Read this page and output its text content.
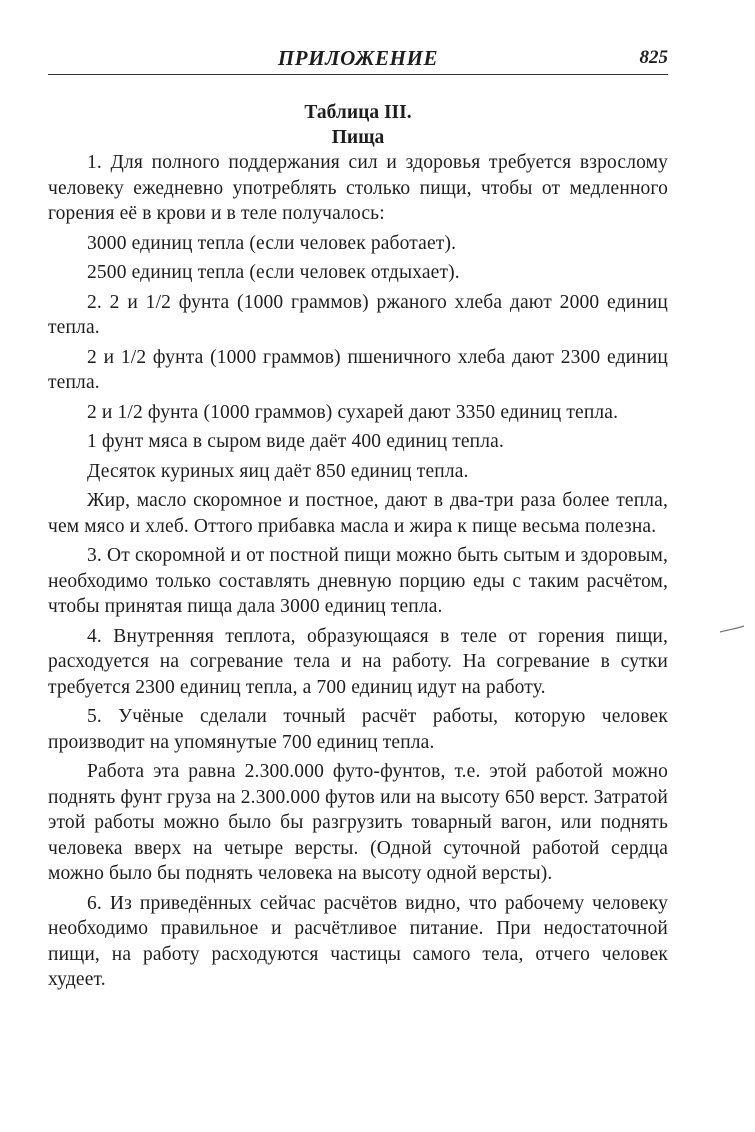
ПРИЛОЖЕНИЕ	825
Таблица III.
Пища

1. Для полного поддержания сил и здоровья требуется взрослому человеку ежедневно употреблять столько пищи, чтобы от медленного горения её в крови и в теле получалось:

3000 единиц тепла (если человек работает).

2500 единиц тепла (если человек отдыхает).

2. 2 и 1/2 фунта (1000 граммов) ржаного хлеба дают 2000 единиц тепла.

2 и 1/2 фунта (1000 граммов) пшеничного хлеба дают 2300 единиц тепла.

2 и 1/2 фунта (1000 граммов) сухарей дают 3350 единиц тепла.

1 фунт мяса в сыром виде даёт 400 единиц тепла.

Десяток куриных яиц даёт 850 единиц тепла.

Жир, масло скоромное и постное, дают в два-три раза более тепла, чем мясо и хлеб. Оттого прибавка масла и жира к пище весьма полезна.

3. От скоромной и от постной пищи можно быть сытым и здоровым, необходимо только составлять дневную порцию еды с таким расчётом, чтобы принятая пища дала 3000 единиц тепла.

4. Внутренняя теплота, образующаяся в теле от горения пищи, расходуется на согревание тела и на работу. На согревание в сутки требуется 2300 единиц тепла, а 700 единиц идут на работу.

5. Учёные сделали точный расчёт работы, которую человек производит на упомянутые 700 единиц тепла.

Работа эта равна 2.300.000 футо-фунтов, т.е. этой работой можно поднять фунт груза на 2.300.000 футов или на высоту 650 верст. Затратой этой работы можно было бы разгрузить товарный вагон, или поднять человека вверх на четыре версты. (Одной суточной работой сердца можно было бы поднять человека на высоту одной версты).

6. Из приведённых сейчас расчётов видно, что рабочему человеку необходимо правильное и расчётливое питание. При недостаточной пищи, на работу расходуются частицы самого тела, отчего человек худеет.
